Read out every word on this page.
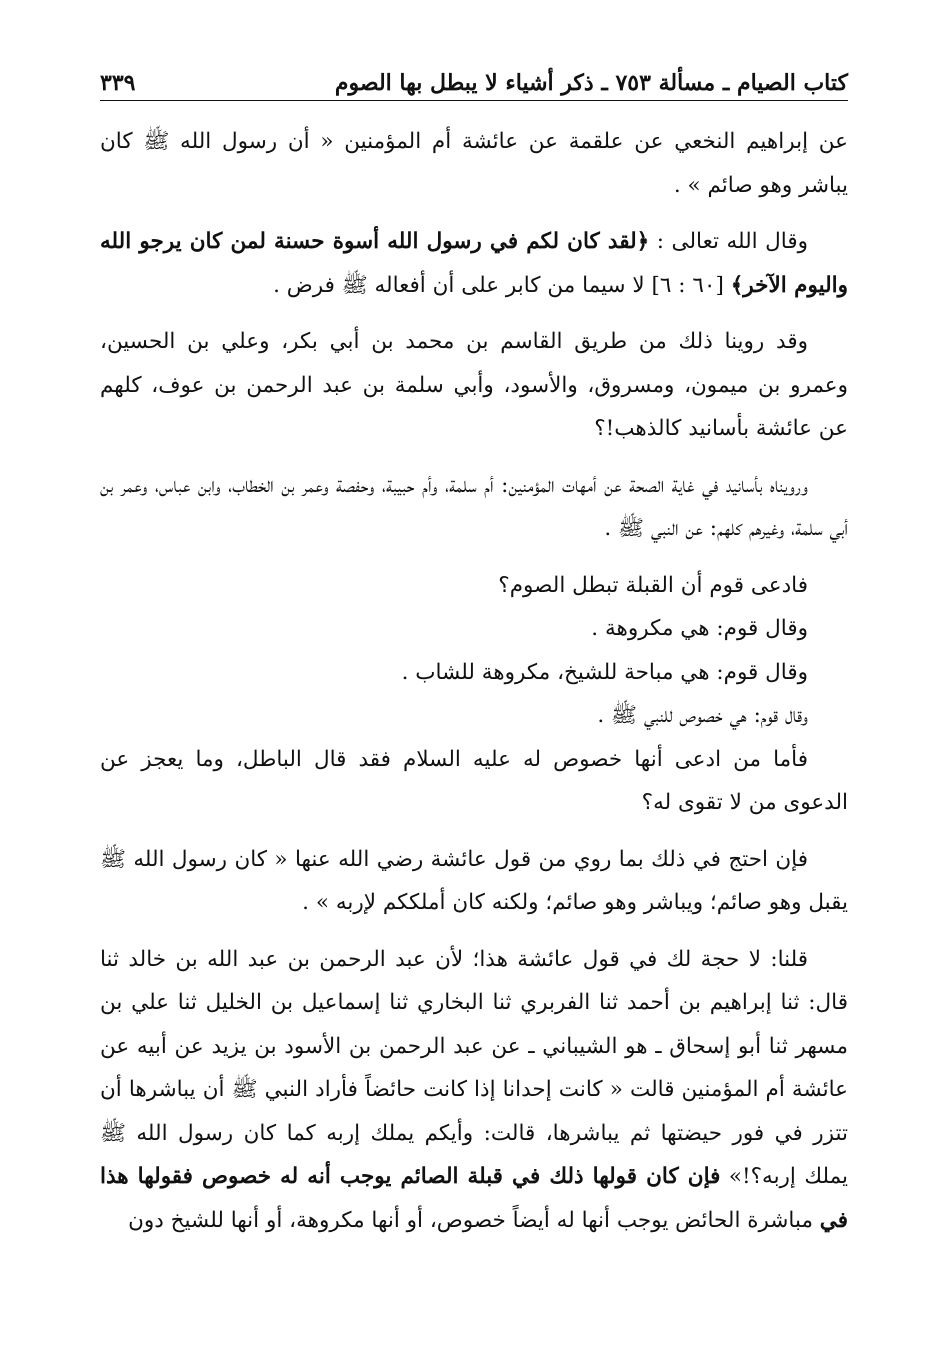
كتاب الصيام ـ مسألة ٧٥٣ ـ ذكر أشياء لا يبطل بها الصوم
٣٣٩

عن إبراهيم النخعي عن علقمة عن عائشة أم المؤمنين « أن رسول الله ﷺ كان يباشر وهو صائم » .

وقال الله تعالى : ﴿لقد كان لكم في رسول الله أسوة حسنة لمن كان يرجو الله واليوم الآخر﴾ [٦٠ : ٦] لا سيما من كابر على أن أفعاله ﷺ فرض .

وقد روينا ذلك من طريق القاسم بن محمد بن أبي بكر، وعلي بن الحسين، وعمرو بن ميمون، ومسروق، والأسود، وأبي سلمة بن عبد الرحمن بن عوف، كلهم عن عائشة بأسانيد كالذهب!؟

ورويناه بأسانيد في غاية الصحة عن أمهات المؤمنين: أم سلمة، وأم حبيبة، وحفصة وعمر بن الخطاب، وابن عباس، وعمر بن أبي سلمة، وغيرهم كلهم: عن النبي ﷺ .

فادعى قوم أن القبلة تبطل الصوم؟
وقال قوم: هي مكروهة .
وقال قوم: هي مباحة للشيخ، مكروهة للشاب .
وقال قوم: هي خصوص للنبي ﷺ .

فأما من ادعى أنها خصوص له عليه السلام فقد قال الباطل، وما يعجز عن الدعوى من لا تقوى له؟

فإن احتج في ذلك بما روي من قول عائشة رضي الله عنها « كان رسول الله ﷺ يقبل وهو صائم؛ ويباشر وهو صائم؛ ولكنه كان أملككم لإربه » .

قلنا: لا حجة لك في قول عائشة هذا؛ لأن عبد الرحمن بن عبد الله بن خالد ثنا قال: ثنا إبراهيم بن أحمد ثنا الفربري ثنا البخاري ثنا إسماعيل بن الخليل ثنا علي بن مسهر ثنا أبو إسحاق ـ هو الشيباني ـ عن عبد الرحمن بن الأسود بن يزيد عن أبيه عن عائشة أم المؤمنين قالت « كانت إحدانا إذا كانت حائضاً فأراد النبي ﷺ أن يباشرها أن تتزر في فور حيضتها ثم يباشرها، قالت: وأيكم يملك إربه كما كان رسول الله ﷺ يملك إربه؟!» فإن كان قولها ذلك في قبلة الصائم يوجب أنه له خصوص فقولها هذا في مباشرة الحائض يوجب أنها له أيضاً خصوص، أو أنها مكروهة، أو أنها للشيخ دون
